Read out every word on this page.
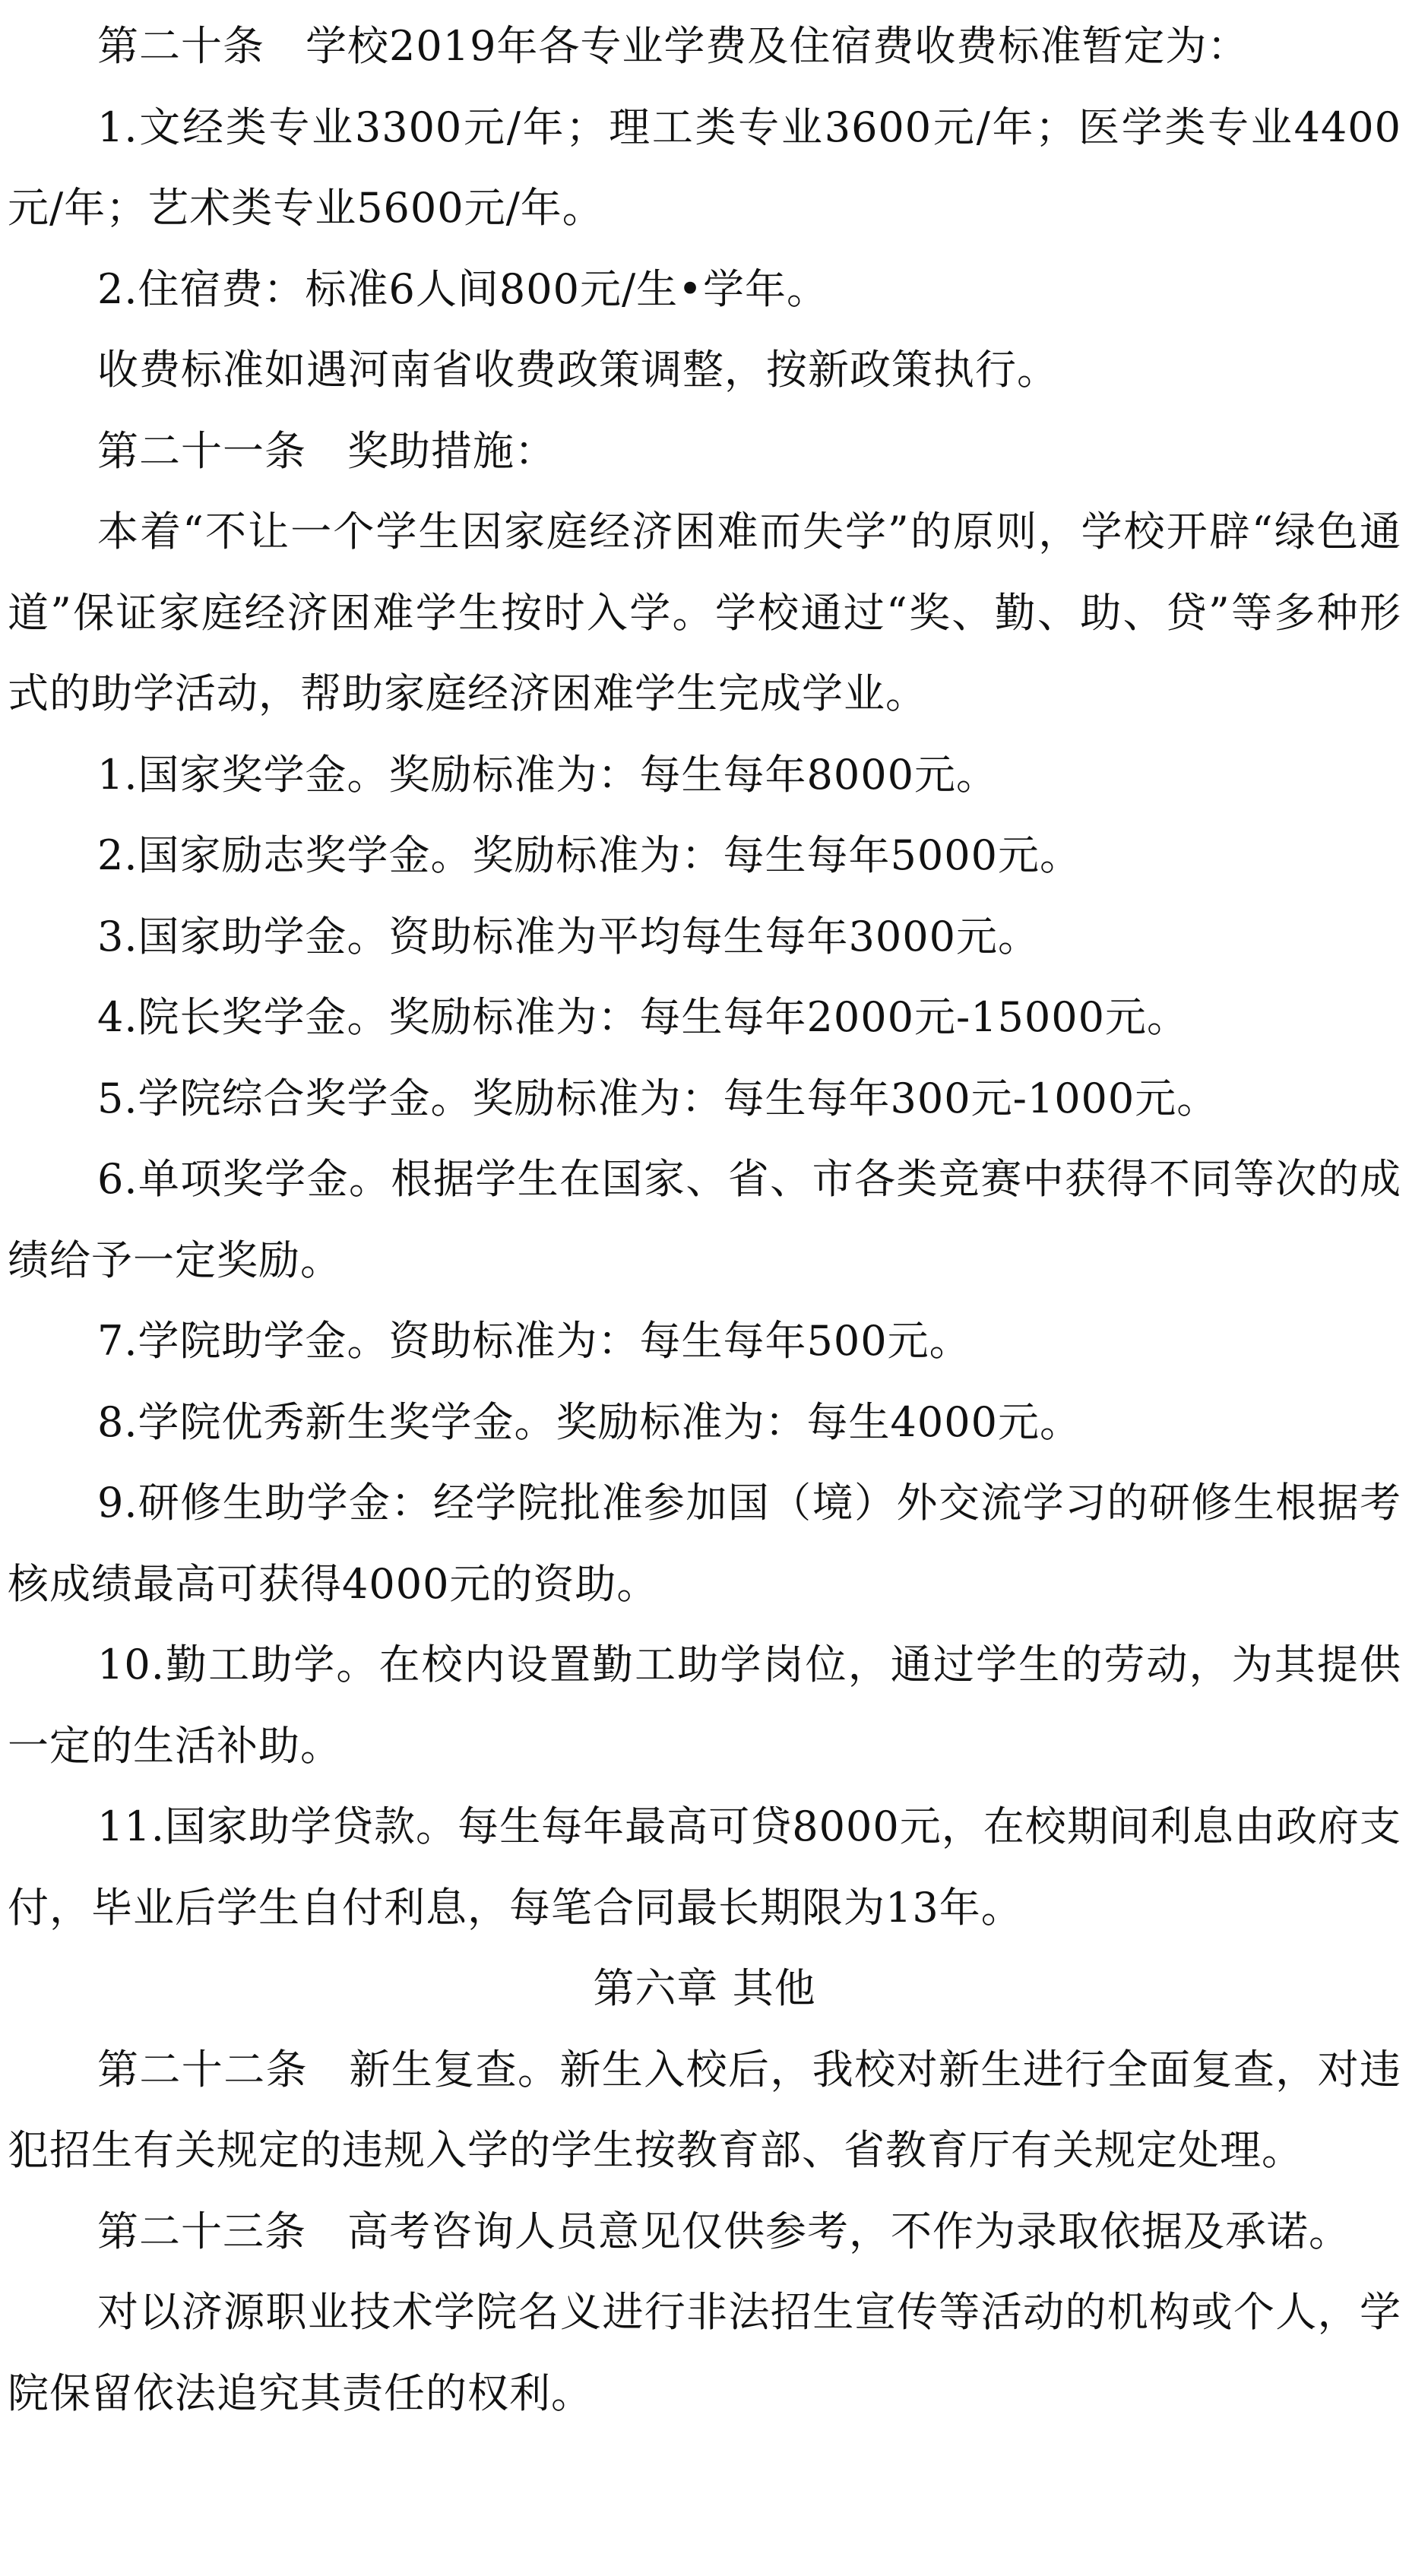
第二十条 学校2019年各专业学费及住宿费收费标准暂定为：

1.文经类专业3300元/年；理工类专业3600元/年；医学类专业4400元/年；艺术类专业5600元/年。

2.住宿费：标准6人间800元/生•学年。

收费标准如遇河南省收费政策调整，按新政策执行。

第二十一条 奖助措施：

本着“不让一个学生因家庭经济困难而失学”的原则，学校开辟“绿色通道”保证家庭经济困难学生按时入学。学校通过“奖、勤、助、贷”等多种形式的助学活动，帮助家庭经济困难学生完成学业。

1.国家奖学金。奖励标准为：每生每年8000元。

2.国家励志奖学金。奖励标准为：每生每年5000元。

3.国家助学金。资助标准为平均每生每年3000元。

4.院长奖学金。奖励标准为：每生每年2000元-15000元。

5.学院综合奖学金。奖励标准为：每生每年300元-1000元。

6.单项奖学金。根据学生在国家、省、市各类竞赛中获得不同等次的成绩给予一定奖励。

7.学院助学金。资助标准为：每生每年500元。

8.学院优秀新生奖学金。奖励标准为：每生4000元。

9.研修生助学金：经学院批准参加国（境）外交流学习的研修生根据考核成绩最高可获得4000元的资助。

10.勤工助学。在校内设置勤工助学岗位，通过学生的劳动，为其提供一定的生活补助。

11.国家助学贷款。每生每年最高可贷8000元，在校期间利息由政府支付，毕业后学生自付利息，每笔合同最长期限为13年。

第六章 其他

第二十二条 新生复查。新生入校后，我校对新生进行全面复查，对违犯招生有关规定的违规入学的学生按教育部、省教育厅有关规定处理。

第二十三条 高考咨询人员意见仅供参考，不作为录取依据及承诺。

对以济源职业技术学院名义进行非法招生宣传等活动的机构或个人，学院保留依法追究其责任的权利。
